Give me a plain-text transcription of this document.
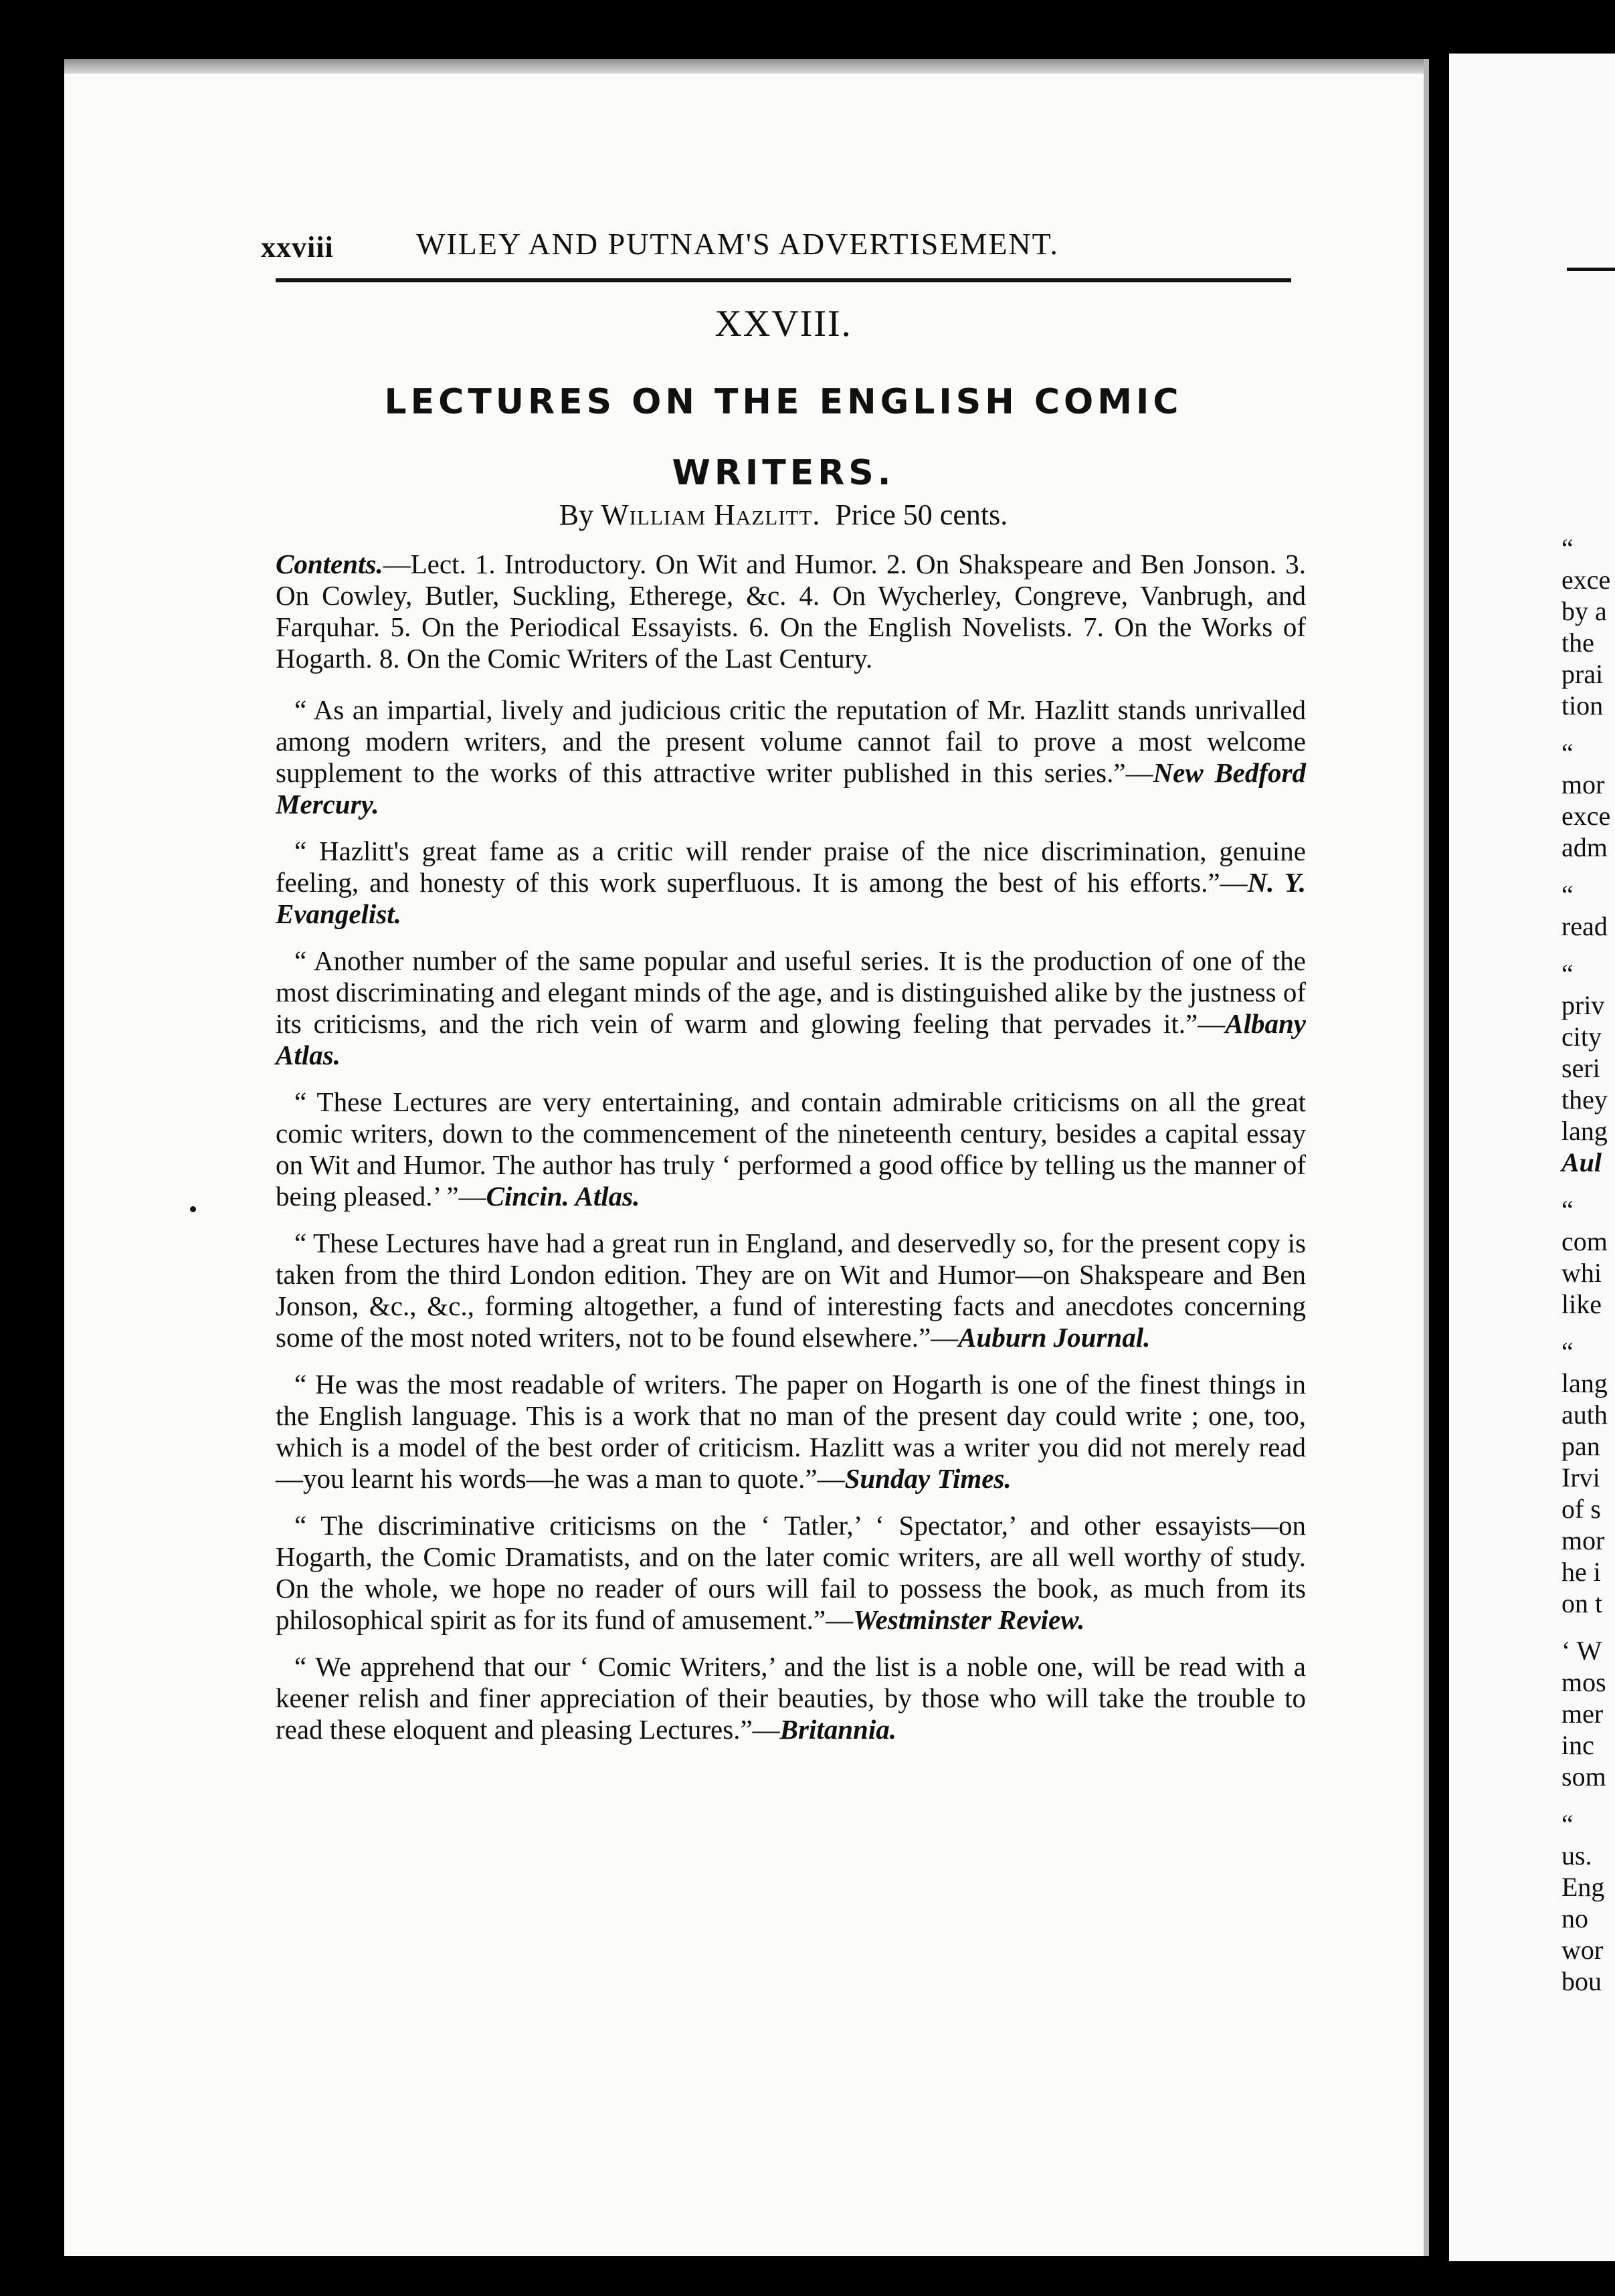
“
exce
by a
the
prai
tion
“
mor
exce
adm
“
read
“
priv
city
seri
they
lang
Aul
“
com
whi
like
“
lang
auth
pan
Irvi
of s
mor
he i
on t
‘ W
mos
mer
inc
som
“
us.
Eng
no
wor
bou
xxviii	WILEY AND PUTNAM'S ADVERTISEMENT.
XXVIII.
LECTURES ON THE ENGLISH COMIC WRITERS.
By William Hazlitt. Price 50 cents.

Contents.—Lect. 1. Introductory. On Wit and Humor. 2. On Shakspeare and Ben Jonson. 3. On Cowley, Butler, Suckling, Etherege, &c. 4. On Wycherley, Congreve, Vanbrugh, and Farquhar. 5. On the Periodical Essayists. 6. On the English Novelists. 7. On the Works of Hogarth. 8. On the Comic Writers of the Last Century.

“ As an impartial, lively and judicious critic the reputation of Mr. Hazlitt stands unrivalled among modern writers, and the present volume cannot fail to prove a most welcome supplement to the works of this attractive writer published in this series.”—New Bedford Mercury.

“ Hazlitt's great fame as a critic will render praise of the nice discrimination, genuine feeling, and honesty of this work superfluous. It is among the best of his efforts.”—N. Y. Evangelist.

“ Another number of the same popular and useful series. It is the production of one of the most discriminating and elegant minds of the age, and is distinguished alike by the justness of its criticisms, and the rich vein of warm and glowing feeling that pervades it.”—Albany Atlas.

“ These Lectures are very entertaining, and contain admirable criticisms on all the great comic writers, down to the commencement of the nineteenth century, besides a capital essay on Wit and Humor. The author has truly ‘ performed a good office by telling us the manner of being pleased.’ ”—Cincin. Atlas.

“ These Lectures have had a great run in England, and deservedly so, for the present copy is taken from the third London edition. They are on Wit and Humor—on Shakspeare and Ben Jonson, &c., &c., forming altogether, a fund of interesting facts and anecdotes concerning some of the most noted writers, not to be found elsewhere.”—Auburn Journal.

“ He was the most readable of writers. The paper on Hogarth is one of the finest things in the English language. This is a work that no man of the present day could write ; one, too, which is a model of the best order of criticism. Hazlitt was a writer you did not merely read—you learnt his words—he was a man to quote.”—Sunday Times.

“ The discriminative criticisms on the ‘ Tatler,’ ‘ Spectator,’ and other essayists—on Hogarth, the Comic Dramatists, and on the later comic writers, are all well worthy of study. On the whole, we hope no reader of ours will fail to possess the book, as much from its philosophical spirit as for its fund of amusement.”—Westminster Review.

“ We apprehend that our ‘ Comic Writers,’ and the list is a noble one, will be read with a keener relish and finer appreciation of their beauties, by those who will take the trouble to read these eloquent and pleasing Lectures.”—Britannia.
